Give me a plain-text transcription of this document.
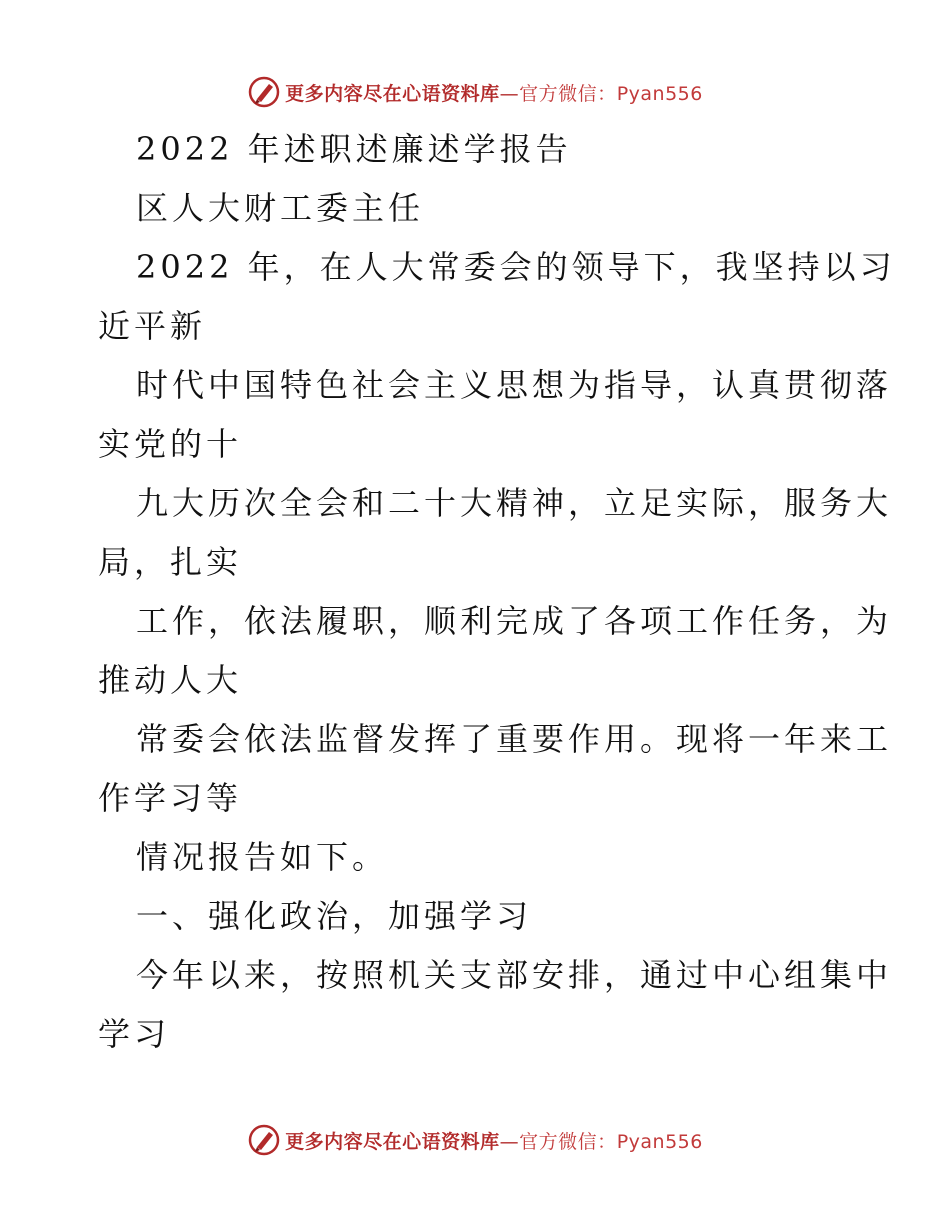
更多内容尽在心语资料库—官方微信：Pyan556
2022 年述职述廉述学报告
区人大财工委主任
2022 年，在人大常委会的领导下，我坚持以习
近平新
时代中国特色社会主义思想为指导，认真贯彻落
实党的十
九大历次全会和二十大精神，立足实际，服务大
局，扎实
工作，依法履职，顺利完成了各项工作任务，为
推动人大
常委会依法监督发挥了重要作用。现将一年来工
作学习等
情况报告如下。
一、强化政治，加强学习
今年以来，按照机关支部安排，通过中心组集中
学习
更多内容尽在心语资料库—官方微信：Pyan556
